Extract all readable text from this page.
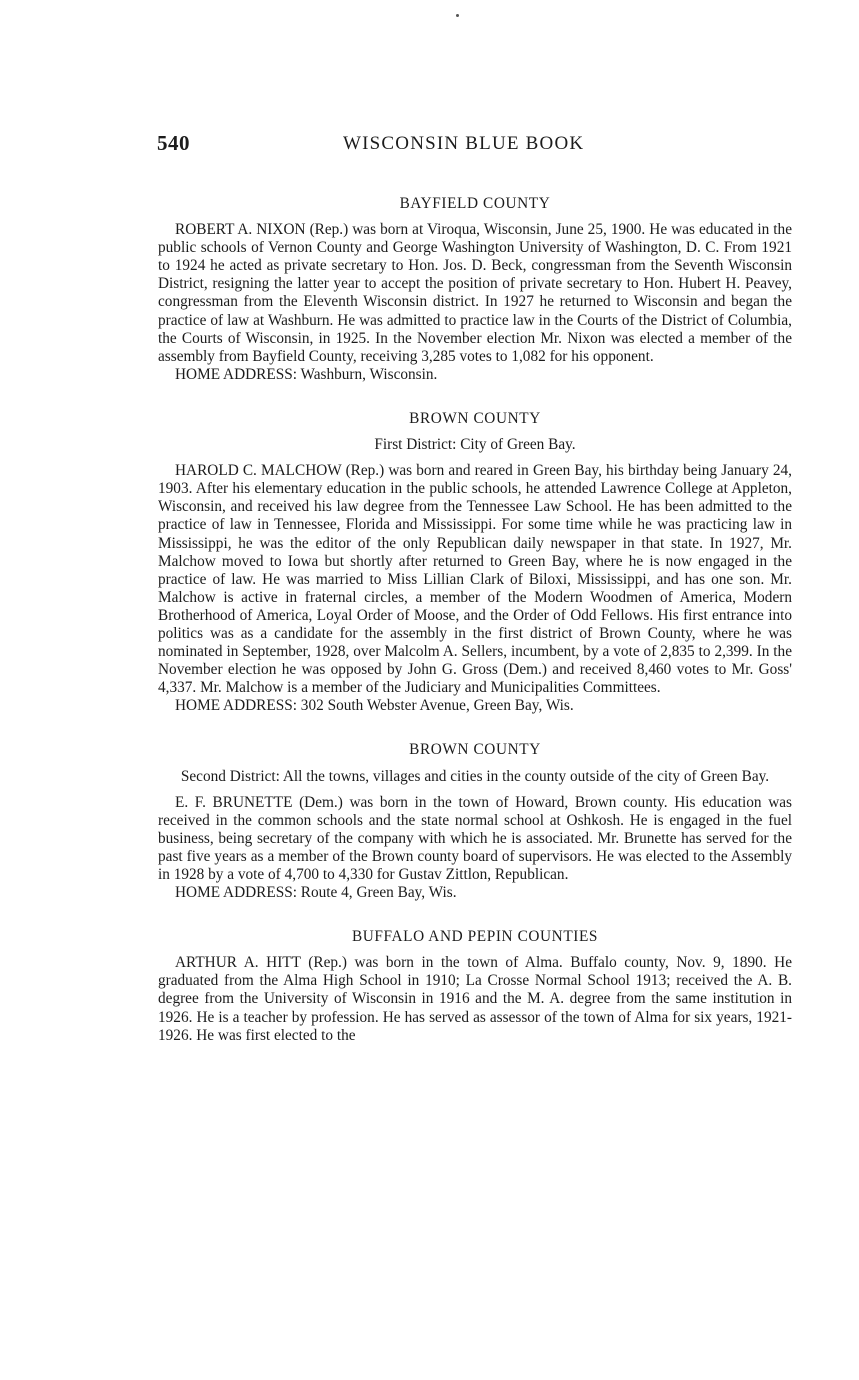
540	WISCONSIN BLUE BOOK
BAYFIELD COUNTY

ROBERT A. NIXON (Rep.) was born at Viroqua, Wisconsin, June 25, 1900. He was educated in the public schools of Vernon County and George Washington University of Washington, D. C. From 1921 to 1924 he acted as private secretary to Hon. Jos. D. Beck, congressman from the Seventh Wisconsin District, resigning the latter year to accept the position of private secretary to Hon. Hubert H. Peavey, congressman from the Eleventh Wisconsin district. In 1927 he returned to Wisconsin and began the practice of law at Washburn. He was admitted to practice law in the Courts of the District of Columbia, the Courts of Wisconsin, in 1925. In the November election Mr. Nixon was elected a member of the assembly from Bayfield County, receiving 3,285 votes to 1,082 for his opponent.

HOME ADDRESS: Washburn, Wisconsin.

BROWN COUNTY
First District: City of Green Bay.

HAROLD C. MALCHOW (Rep.) was born and reared in Green Bay, his birthday being January 24, 1903. After his elementary education in the public schools, he attended Lawrence College at Appleton, Wisconsin, and received his law degree from the Tennessee Law School. He has been admitted to the practice of law in Tennessee, Florida and Mississippi. For some time while he was practicing law in Mississippi, he was the editor of the only Republican daily newspaper in that state. In 1927, Mr. Malchow moved to Iowa but shortly after returned to Green Bay, where he is now engaged in the practice of law. He was married to Miss Lillian Clark of Biloxi, Mississippi, and has one son. Mr. Malchow is active in fraternal circles, a member of the Modern Woodmen of America, Modern Brotherhood of America, Loyal Order of Moose, and the Order of Odd Fellows. His first entrance into politics was as a candidate for the assembly in the first district of Brown County, where he was nominated in September, 1928, over Malcolm A. Sellers, incumbent, by a vote of 2,835 to 2,399. In the November election he was opposed by John G. Gross (Dem.) and received 8,460 votes to Mr. Goss' 4,337. Mr. Malchow is a member of the Judiciary and Municipalities Committees.

HOME ADDRESS: 302 South Webster Avenue, Green Bay, Wis.

BROWN COUNTY
Second District: All the towns, villages and cities in the county outside of the city of Green Bay.

E. F. BRUNETTE (Dem.) was born in the town of Howard, Brown county. His education was received in the common schools and the state normal school at Oshkosh. He is engaged in the fuel business, being secretary of the company with which he is associated. Mr. Brunette has served for the past five years as a member of the Brown county board of supervisors. He was elected to the Assembly in 1928 by a vote of 4,700 to 4,330 for Gustav Zittlon, Republican.

HOME ADDRESS: Route 4, Green Bay, Wis.

BUFFALO AND PEPIN COUNTIES

ARTHUR A. HITT (Rep.) was born in the town of Alma. Buffalo county, Nov. 9, 1890. He graduated from the Alma High School in 1910; La Crosse Normal School 1913; received the A. B. degree from the University of Wisconsin in 1916 and the M. A. degree from the same institution in 1926. He is a teacher by profession. He has served as assessor of the town of Alma for six years, 1921-1926. He was first elected to the
